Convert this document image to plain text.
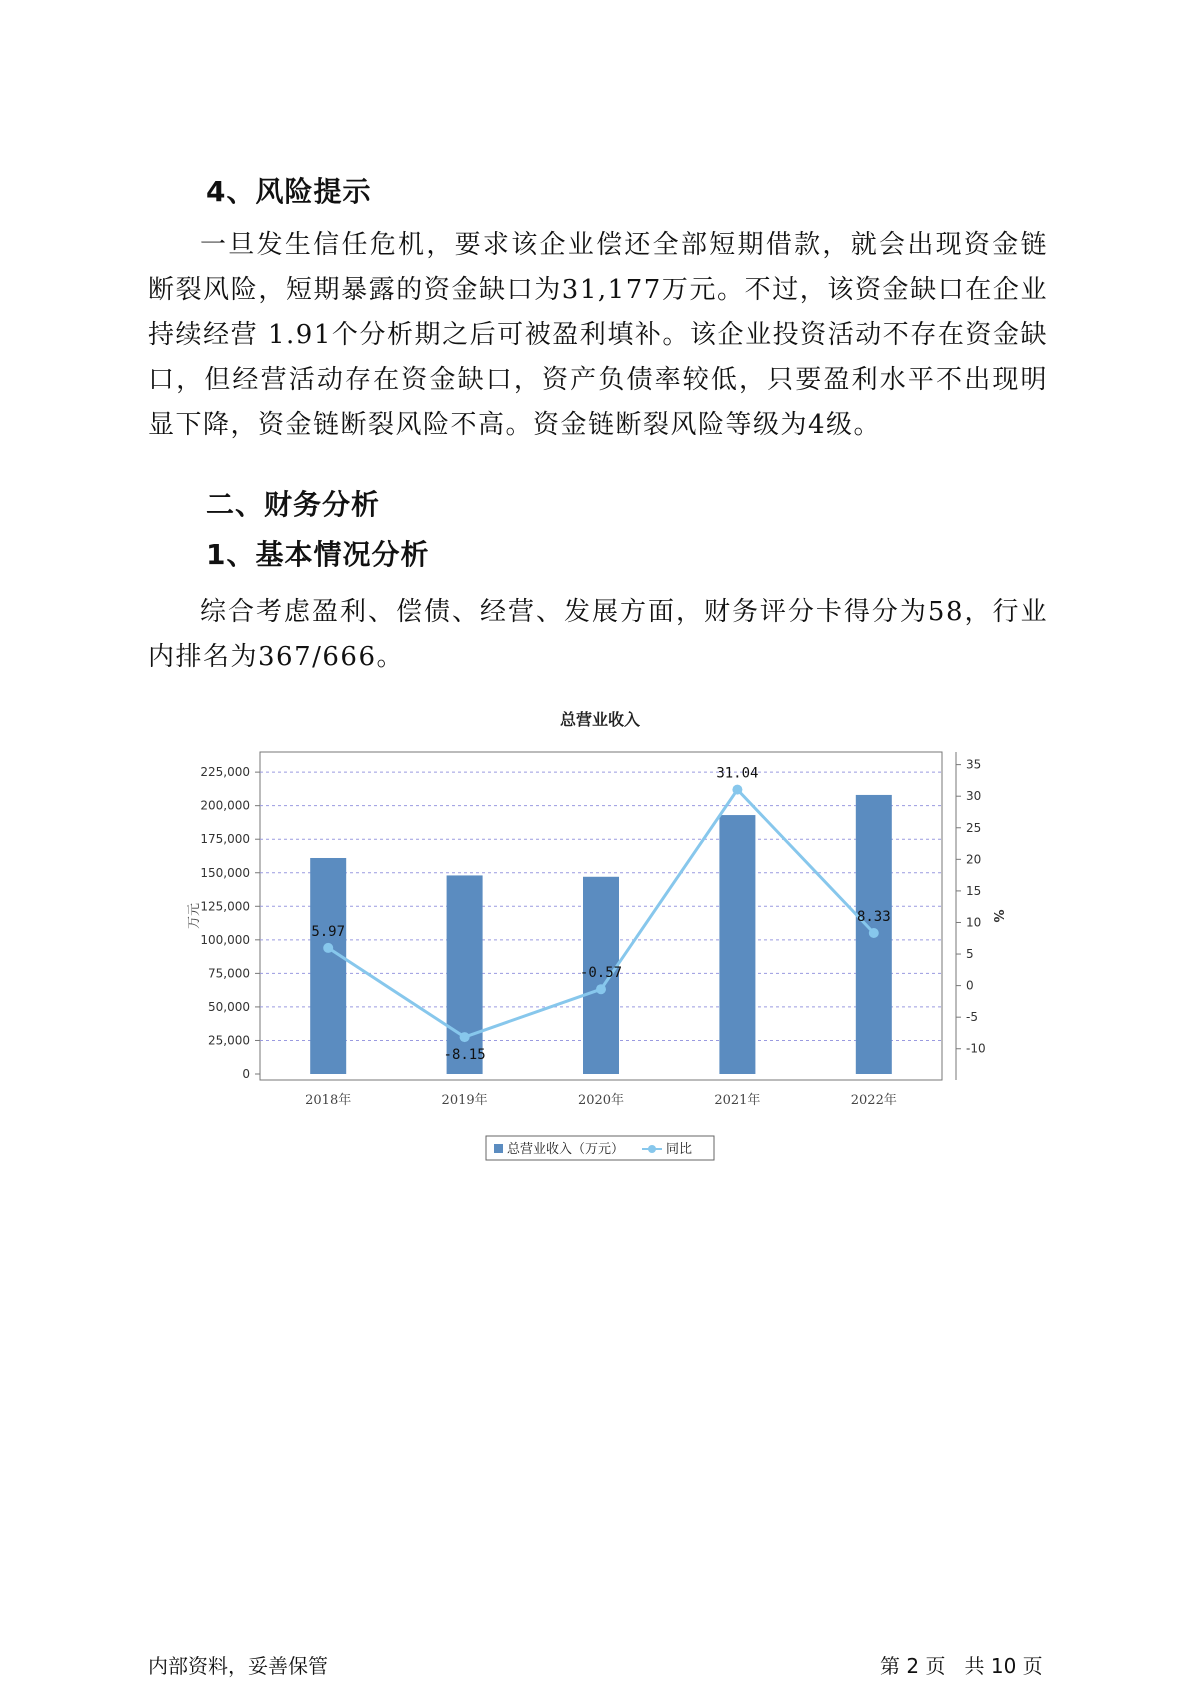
4、风险提示

一旦发生信任危机，要求该企业偿还全部短期借款，就会出现资金链断裂风险，短期暴露的资金缺口为31,177万元。不过，该资金缺口在企业持续经营 1.91个分析期之后可被盈利填补。该企业投资活动不存在资金缺口，但经营活动存在资金缺口，资产负债率较低，只要盈利水平不出现明显下降，资金链断裂风险不高。资金链断裂风险等级为4级。

二、财务分析
1、基本情况分析

综合考虑盈利、偿债、经营、发展方面，财务评分卡得分为58，行业内排名为367/666。

总营业收入
5.97
-8.15
-0.57
31.04
8.33
0
25,000
50,000
75,000
100,000
125,000
150,000
175,000
200,000
225,000
-10
-5
0
5
10
15
20
25
30
35
万元	%
2018年	2019年	2020年	2021年	2022年
总营业收入（万元）	同比
内部资料，妥善保管	第 2 页   共 10 页
